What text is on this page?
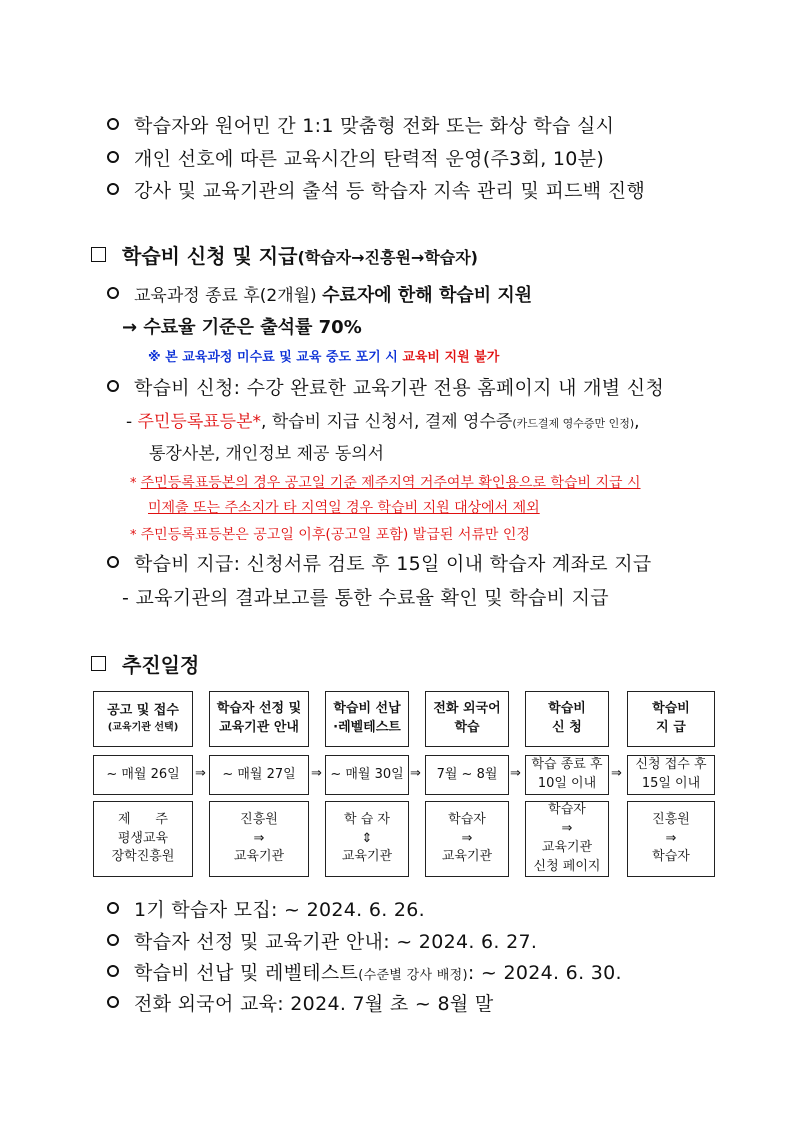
학습자와 원어민 간 1:1 맞춤형 전화 또는 화상 학습 실시
개인 선호에 따른 교육시간의 탄력적 운영(주3회, 10분)
강사 및 교육기관의 출석 등 학습자 지속 관리 및 피드백 진행
학습비 신청 및 지급(학습자→진흥원→학습자)
교육과정 종료 후(2개월) 수료자에 한해 학습비 지원
→ 수료율 기준은 출석률 70%
※ 본 교육과정 미수료 및 교육 중도 포기 시 교육비 지원 불가
학습비 신청: 수강 완료한 교육기관 전용 홈페이지 내 개별 신청
- 주민등록표등본*, 학습비 지급 신청서, 결제 영수증(카드결제 영수증만 인정),
통장사본, 개인정보 제공 동의서
* 주민등록표등본의 경우 공고일 기준 제주지역 거주여부 확인용으로 학습비 지급 시
미제출 또는 주소지가 타 지역일 경우 학습비 지원 대상에서 제외
* 주민등록표등본은 공고일 이후(공고일 포함) 발급된 서류만 인정
학습비 지급: 신청서류 검토 후 15일 이내 학습자 계좌로 지급
- 교육기관의 결과보고를 통한 수료율 확인 및 학습비 지급
추진일정
공고 및 접수
(교육기관 선택)
학습자 선정 및
교육기관 안내
학습비 선납
·레벨테스트
전화 외국어
학습
학습비
신 청
학습비
지 급
~ 매월 26일 ⇒ ~ 매월 27일 ⇒ ~ 매월 30일 ⇒ 7월 ~ 8월 ⇒
학습 종료 후
10일 이내
⇒
신청 접수 후
15일 이내
제      주
평생교육
장학진흥원
진흥원
⇒
교육기관
학 습 자
⇕
교육기관
학습자
⇒
교육기관
학습자
⇒
교육기관
신청 페이지
진흥원
⇒
학습자
1기 학습자 모집: ~ 2024. 6. 26.
학습자 선정 및 교육기관 안내: ~ 2024. 6. 27.
학습비 선납 및 레벨테스트(수준별 강사 배정): ~ 2024. 6. 30.
전화 외국어 교육: 2024. 7월 초 ~ 8월 말
